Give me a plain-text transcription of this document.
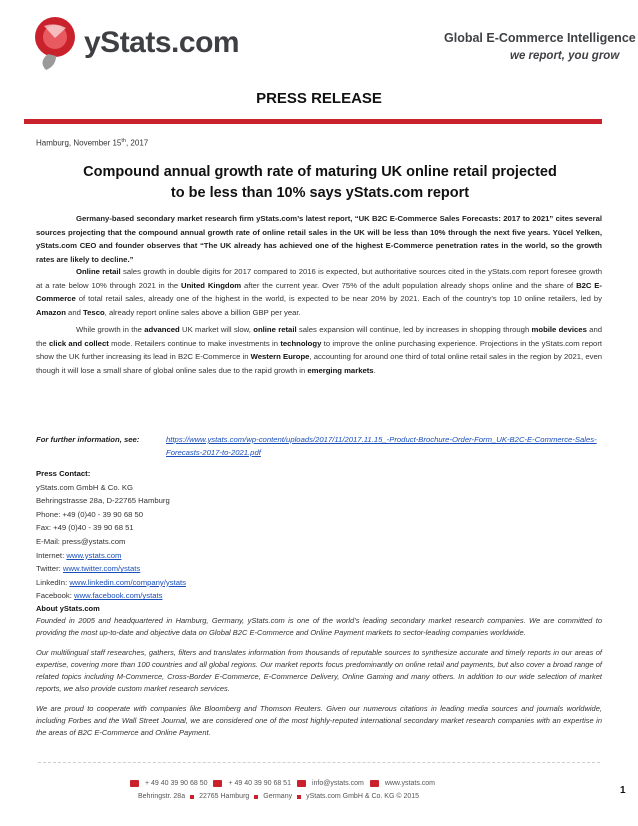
yStats.com	Global E-Commerce Intelligence
we report, you grow
PRESS RELEASE
Hamburg, November 15th, 2017
Compound annual growth rate of maturing UK online retail projected to be less than 10% says yStats.com report
Germany-based secondary market research firm yStats.com’s latest report, “UK B2C E-Commerce Sales Forecasts: 2017 to 2021” cites several sources projecting that the compound annual growth rate of online retail sales in the UK will be less than 10% through the next five years. Yücel Yelken, yStats.com CEO and founder observes that “The UK already has achieved one of the highest E-Commerce penetration rates in the world, so the growth rates are likely to decline.”
Online retail sales growth in double digits for 2017 compared to 2016 is expected, but authoritative sources cited in the yStats.com report foresee growth at a rate below 10% through 2021 in the United Kingdom after the current year. Over 75% of the adult population already shops online and the share of B2C E-Commerce of total retail sales, already one of the highest in the world, is expected to be near 20% by 2021. Each of the country’s top 10 online retailers, led by Amazon and Tesco, already report online sales above a billion GBP per year.
While growth in the advanced UK market will slow, online retail sales expansion will continue, led by increases in shopping through mobile devices and the click and collect mode. Retailers continue to make investments in technology to improve the online purchasing experience. Projections in the yStats.com report show the UK further increasing its lead in B2C E-Commerce in Western Europe, accounting for around one third of total online retail sales in the region by 2021, even though it will lose a small share of global online sales due to the rapid growth in emerging markets.
For further information, see:	https://www.ystats.com/wp-content/uploads/2017/11/2017.11.15_-Product-Brochure-Order-Form_UK-B2C-E-Commerce-Sales-
Forecasts-2017-to-2021.pdf
Press Contact:
yStats.com GmbH & Co. KG
Behringstrasse 28a, D-22765 Hamburg
Phone: +49 (0)40 - 39 90 68 50
Fax: +49 (0)40 - 39 90 68 51
E-Mail: press@ystats.com
Internet: www.ystats.com
Twitter: www.twitter.com/ystats
LinkedIn: www.linkedin.com/company/ystats
Facebook: www.facebook.com/ystats
About yStats.com

Founded in 2005 and headquartered in Hamburg, Germany, yStats.com is one of the world’s leading secondary market research companies. We are committed to providing the most up-to-date and objective data on Global B2C E-Commerce and Online Payment markets to sector-leading companies worldwide.

Our multilingual staff researches, gathers, filters and translates information from thousands of reputable sources to synthesize accurate and timely reports in our areas of expertise, covering more than 100 countries and all global regions. Our market reports focus predominantly on online retail and payments, but also cover a broad range of related topics including M-Commerce, Cross-Border E-Commerce, E-Commerce Delivery, Online Gaming and many others. In addition to our wide selection of market reports, we also provide custom market research services.

We are proud to cooperate with companies like Bloomberg and Thomson Reuters. Given our numerous citations in leading media sources and journals worldwide, including Forbes and the Wall Street Journal, we are considered one of the most highly-reputed international secondary market research companies with an expertise in the areas of B2C E-Commerce and Online Payment.

+ 49 40 39 90 68 50	+ 49 40 39 90 68 51	info@ystats.com	www.ystats.com
Behringstr. 28a 22765 Hamburg Germany yStats.com GmbH & Co. KG © 2015
1
